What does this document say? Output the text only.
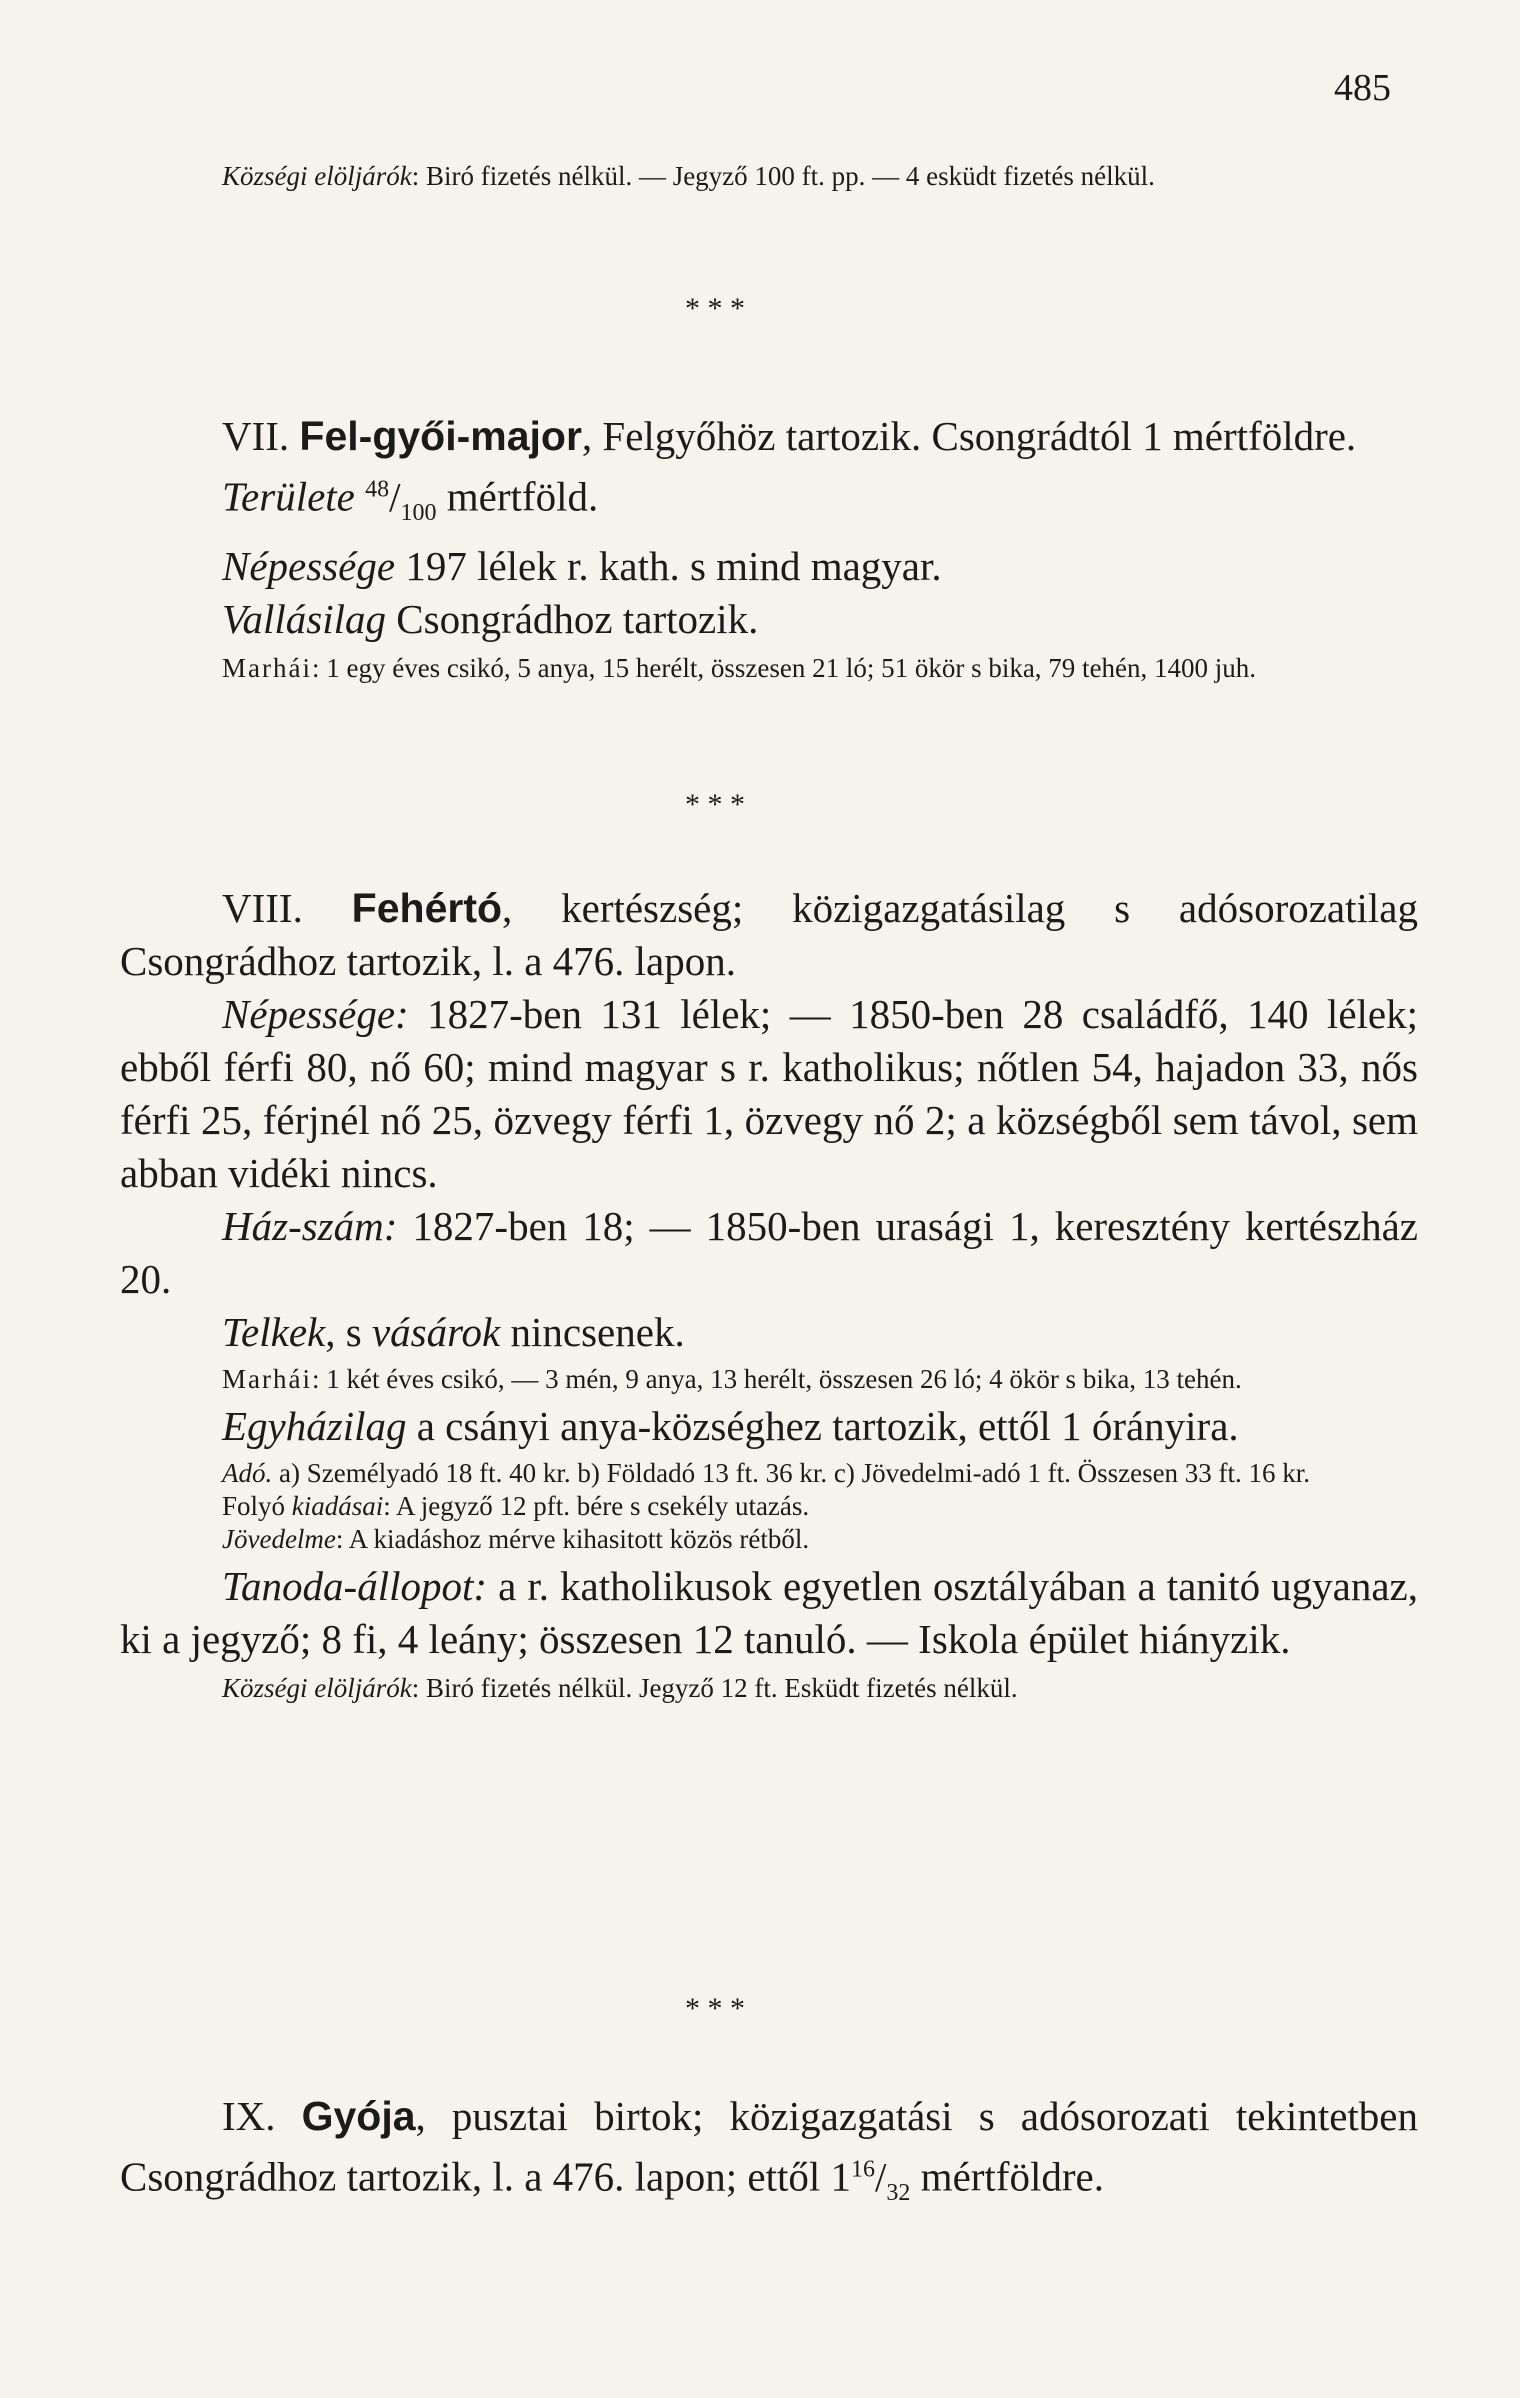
485

Községi elöljárók: Biró fizetés nélkül. — Jegyző 100 ft. pp. — 4 esküdt fizetés nélkül.

* * *

VII. Fel-győi-major, Felgyőhöz tartozik. Csongrádtól 1 mértföldre.

Területe $^{48}/_{100}$ mértföld.

Népessége 197 lélek r. kath. s mind magyar.

Vallásilag Csongrádhoz tartozik.

Marhái: 1 egy éves csikó, 5 anya, 15 herélt, összesen 21 ló; 51 ökör s bika, 79 tehén, 1400 juh.

* * *

VIII. Fehértó, kertészség; közigazgatásilag s adósorozatilag Csongrádhoz tartozik, l. a 476. lapon.

Népessége: 1827-ben 131 lélek; — 1850-ben 28 családfő, 140 lélek; ebből férfi 80, nő 60; mind magyar s r. katholikus; nőtlen 54, hajadon 33, nős férfi 25, férjnél nő 25, özvegy férfi 1, özvegy nő 2; a községből sem távol, sem abban vidéki nincs.

Ház-szám: 1827-ben 18; — 1850-ben urasági 1, keresztény kertészház 20.

Telkek, s vásárok nincsenek.

Marhái: 1 két éves csikó, — 3 mén, 9 anya, 13 herélt, összesen 26 ló; 4 ökör s bika, 13 tehén.

Egyházilag a csányi anya-községhez tartozik, ettől 1 órányira.

Adó. a) Személyadó 18 ft. 40 kr. b) Földadó 13 ft. 36 kr. c) Jövedelmi-adó 1 ft. Összesen 33 ft. 16 kr.

Folyó kiadásai: A jegyző 12 pft. bére s csekély utazás.

Jövedelme: A kiadáshoz mérve kihasitott közös rétből.

Tanoda-állopot: a r. katholikusok egyetlen osztályában a tanitó ugyanaz, ki a jegyző; 8 fi, 4 leány; összesen 12 tanuló. — Iskola épület hiányzik.

Községi elöljárók: Biró fizetés nélkül. Jegyző 12 ft. Esküdt fizetés nélkül.

* * *

IX. Gyója, pusztai birtok; közigazgatási s adósorozati tekintetben Csongrádhoz tartozik, l. a 476. lapon; ettől $1^{16}/_{32}$ mértföldre.
